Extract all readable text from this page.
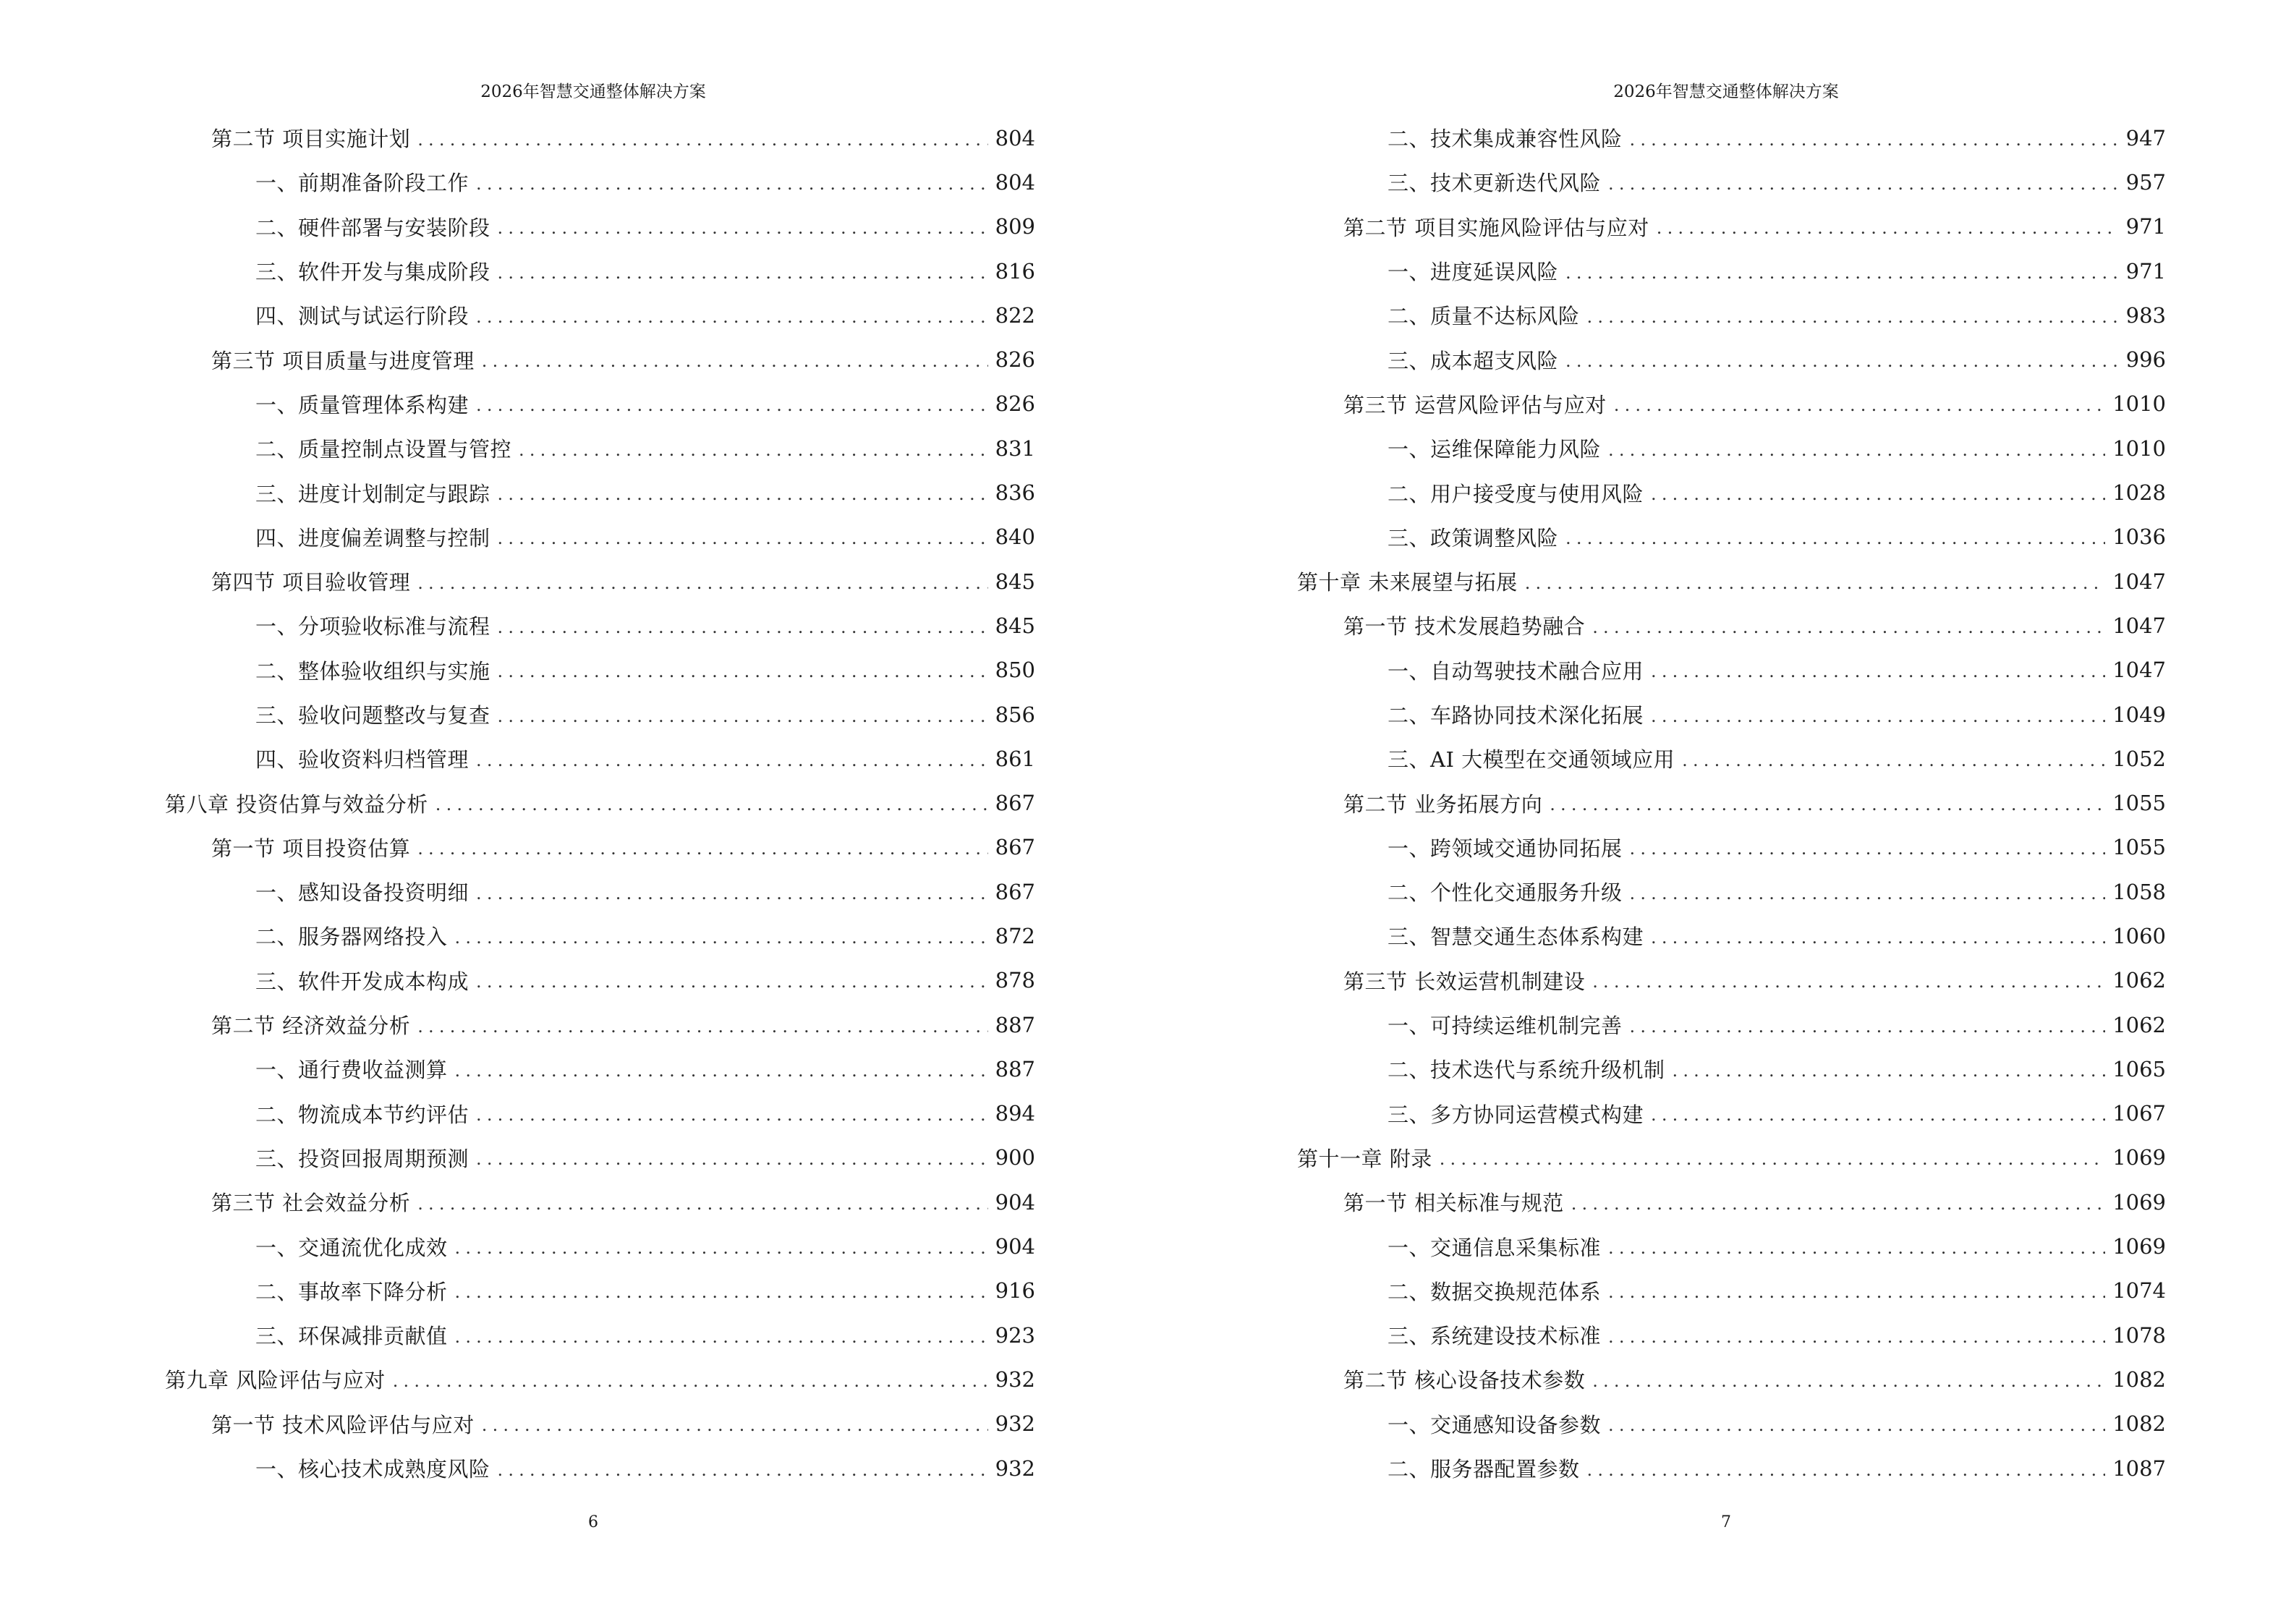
2026年智慧交通整体解决方案
第二节 项目实施计划 .....	804
一、前期准备阶段工作 .....	804
二、硬件部署与安装阶段 .....	809
三、软件开发与集成阶段 .....	816
四、测试与试运行阶段 .....	822
第三节 项目质量与进度管理 .....	826
一、质量管理体系构建 .....	826
二、质量控制点设置与管控 .....	831
三、进度计划制定与跟踪 .....	836
四、进度偏差调整与控制 .....	840
第四节 项目验收管理 .....	845
一、分项验收标准与流程 .....	845
二、整体验收组织与实施 .....	850
三、验收问题整改与复查 .....	856
四、验收资料归档管理 .....	861
第八章 投资估算与效益分析 .....	867
第一节 项目投资估算 .....	867
一、感知设备投资明细 .....	867
二、服务器网络投入 .....	872
三、软件开发成本构成 .....	878
第二节 经济效益分析 .....	887
一、通行费收益测算 .....	887
二、物流成本节约评估 .....	894
三、投资回报周期预测 .....	900
第三节 社会效益分析 .....	904
一、交通流优化成效 .....	904
二、事故率下降分析 .....	916
三、环保减排贡献值 .....	923
第九章 风险评估与应对 .....	932
第一节 技术风险评估与应对 .....	932
一、核心技术成熟度风险 .....	932
6
2026年智慧交通整体解决方案
二、技术集成兼容性风险 .....	947
三、技术更新迭代风险 .....	957
第二节 项目实施风险评估与应对 .....	971
一、进度延误风险 .....	971
二、质量不达标风险 .....	983
三、成本超支风险 .....	996
第三节 运营风险评估与应对 .....	1010
一、运维保障能力风险 .....	1010
二、用户接受度与使用风险 .....	1028
三、政策调整风险 .....	1036
第十章 未来展望与拓展 .....	1047
第一节 技术发展趋势融合 .....	1047
一、自动驾驶技术融合应用 .....	1047
二、车路协同技术深化拓展 .....	1049
三、AI 大模型在交通领域应用 .....	1052
第二节 业务拓展方向 .....	1055
一、跨领域交通协同拓展 .....	1055
二、个性化交通服务升级 .....	1058
三、智慧交通生态体系构建 .....	1060
第三节 长效运营机制建设 .....	1062
一、可持续运维机制完善 .....	1062
二、技术迭代与系统升级机制 .....	1065
三、多方协同运营模式构建 .....	1067
第十一章 附录 .....	1069
第一节 相关标准与规范 .....	1069
一、交通信息采集标准 .....	1069
二、数据交换规范体系 .....	1074
三、系统建设技术标准 .....	1078
第二节 核心设备技术参数 .....	1082
一、交通感知设备参数 .....	1082
二、服务器配置参数 .....	1087
7
